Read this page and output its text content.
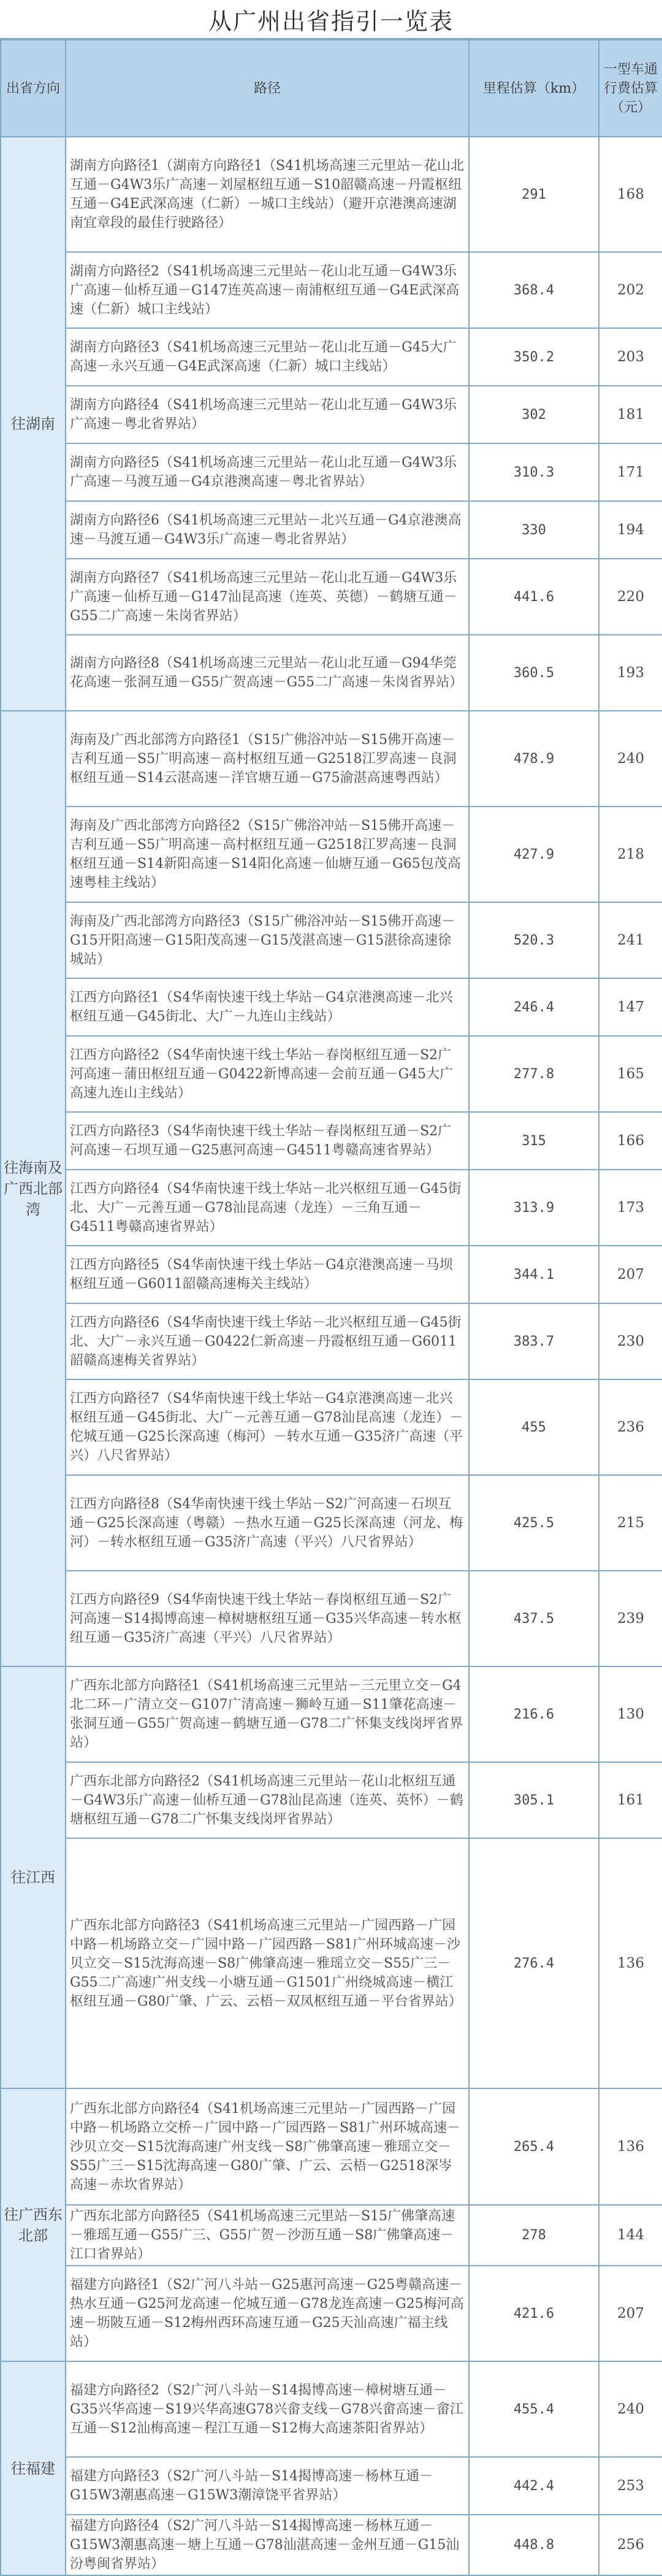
从广州出省指引一览表
出省方向	路径	里程估算（km）	一型车通行费估算（元）
往湖南	湖南方向路径1（湖南方向路径1（S41机场高速三元里站－花山北互通－G4W3乐广高速－刘屋枢纽互通－S10韶赣高速－丹霞枢纽互通－G4E武深高速（仁新）－城口主线站）（避开京港澳高速湖南宜章段的最佳行驶路径）	291	168
	湖南方向路径2（S41机场高速三元里站－花山北互通－G4W3乐广高速－仙桥互通－G147连英高速－南浦枢纽互通－G4E武深高速（仁新）城口主线站）	368.4	202
	湖南方向路径3（S41机场高速三元里站－花山北互通－G45大广高速－永兴互通－G4E武深高速（仁新）城口主线站）	350.2	203
	湖南方向路径4（S41机场高速三元里站－花山北互通－G4W3乐广高速－粤北省界站）	302	181
	湖南方向路径5（S41机场高速三元里站－花山北互通－G4W3乐广高速－马渡互通－G4京港澳高速－粤北省界站）	310.3	171
	湖南方向路径6（S41机场高速三元里站－北兴互通－G4京港澳高速－马渡互通－G4W3乐广高速－粤北省界站）	330	194
	湖南方向路径7（S41机场高速三元里站－花山北互通－G4W3乐广高速－仙桥互通－G147汕昆高速（连英、英德）－鹤塘互通－G55二广高速－朱岗省界站）	441.6	220
	湖南方向路径8（S41机场高速三元里站－花山北互通－G94华莞花高速－张洞互通－G55广贺高速－G55二广高速－朱岗省界站）	360.5	193
往海南及广西北部湾	海南及广西北部湾方向路径1（S15广佛浴冲站－S15佛开高速－吉利互通－S5广明高速－高村枢纽互通－G2518江罗高速－良洞枢纽互通－S14云湛高速－洋官塘互通－G75渝湛高速粤西站）	478.9	240
	海南及广西北部湾方向路径2（S15广佛浴冲站－S15佛开高速－吉利互通－S5广明高速－高村枢纽互通－G2518江罗高速－良洞枢纽互通－S14新阳高速－S14阳化高速－仙塘互通－G65包茂高速粤桂主线站）	427.9	218
	海南及广西北部湾方向路径3（S15广佛浴冲站－S15佛开高速－G15开阳高速－G15阳茂高速－G15茂湛高速－G15湛徐高速徐城站）	520.3	241
	江西方向路径1（S4华南快速干线土华站－G4京港澳高速－北兴枢纽互通－G45街北、大广－九连山主线站）	246.4	147
	江西方向路径2（S4华南快速干线土华站－春岗枢纽互通－S2广河高速－蒲田枢纽互通－G0422新博高速－会前互通－G45大广高速九连山主线站）	277.8	165
	江西方向路径3（S4华南快速干线土华站－春岗枢纽互通－S2广河高速－石坝互通－G25惠河高速－G4511粤赣高速省界站）	315	166
	江西方向路径4（S4华南快速干线土华站－北兴枢纽互通－G45街北、大广－元善互通－G78汕昆高速（龙连）－三角互通－G4511粤赣高速省界站）	313.9	173
	江西方向路径5（S4华南快速干线土华站－G4京港澳高速－马坝枢纽互通－G6011韶赣高速梅关主线站）	344.1	207
	江西方向路径6（S4华南快速干线土华站－北兴枢纽互通－G45街北、大广－永兴互通－G0422仁新高速－丹霞枢纽互通－G6011韶赣高速梅关省界站）	383.7	230
	江西方向路径7（S4华南快速干线土华站－G4京港澳高速－北兴枢纽互通－G45街北、大广－元善互通－G78汕昆高速（龙连）－佗城互通－G25长深高速（梅河）－转水互通－G35济广高速（平兴）八尺省界站）	455	236
	江西方向路径8（S4华南快速干线土华站－S2广河高速－石坝互通－G25长深高速（粤赣）－热水互通－G25长深高速（河龙、梅河）－转水枢纽互通－G35济广高速（平兴）八尺省界站）	425.5	215
	江西方向路径9（S4华南快速干线土华站－春岗枢纽互通－S2广河高速－S14揭博高速－樟树塘枢纽互通－G35兴华高速－转水枢纽互通－G35济广高速（平兴）八尺省界站）	437.5	239
往江西	广西东北部方向路径1（S41机场高速三元里站－三元里立交－G4北二环－广清立交－G107广清高速－狮岭互通－S11肇花高速－张洞互通－G55广贺高速－鹤塘互通－G78二广怀集支线岗坪省界站）	216.6	130
	广西东北部方向路径2（S41机场高速三元里站－花山北枢纽互通－G4W3乐广高速－仙桥互通－G78汕昆高速（连英、英怀）－鹤塘枢纽互通－G78二广怀集支线岗坪省界站）	305.1	161
	广西东北部方向路径3（S41机场高速三元里站－广园西路－广园中路－机场路立交－广园中路－广园西路－S81广州环城高速－沙贝立交－S15沈海高速－S8广佛肇高速－雅瑶立交－S55广三－G55二广高速广州支线－小塘互通－G1501广州绕城高速－横江枢纽互通－G80广肇、广云、云梧－双凤枢纽互通－平台省界站）	276.4	136
往广西东北部	广西东北部方向路径4（S41机场高速三元里站－广园西路－广园中路－机场路立交桥－广园中路－广园西路－S81广州环城高速－沙贝立交－S15沈海高速广州支线－S8广佛肇高速－雅瑶立交－S55广三－S15沈海高速－G80广肇、广云、云梧－G2518深岑高速－赤坎省界站）	265.4	136
	广西东北部方向路径5（S41机场高速三元里站－S15广佛肇高速－雅瑶互通－G55广三、G55广贺－沙沥互通－S8广佛肇高速－江口省界站）	278	144
	福建方向路径1（S2广河八斗站－G25惠河高速－G25粤赣高速－热水互通－G25河龙高速－佗城互通－G78龙连高速－G25梅河高速－坜陂互通－S12梅州西环高速互通－G25天汕高速广福主线站）	421.6	207
往福建	福建方向路径2（S2广河八斗站－S14揭博高速－樟树塘互通－G35兴华高速－S19兴华高速G78兴畲支线－G78兴畲高速－畲江互通－S12汕梅高速－程江互通－S12梅大高速茶阳省界站）	455.4	240
	福建方向路径3（S2广河八斗站－S14揭博高速－杨林互通－G15W3潮惠高速－G15W3潮漳饶平省界站）	442.4	253
	福建方向路径4（S2广河八斗站－S14揭博高速－杨林互通－G15W3潮惠高速－塘上互通－G78汕湛高速－金州互通－G15汕汾粤闽省界站）	448.8	256
